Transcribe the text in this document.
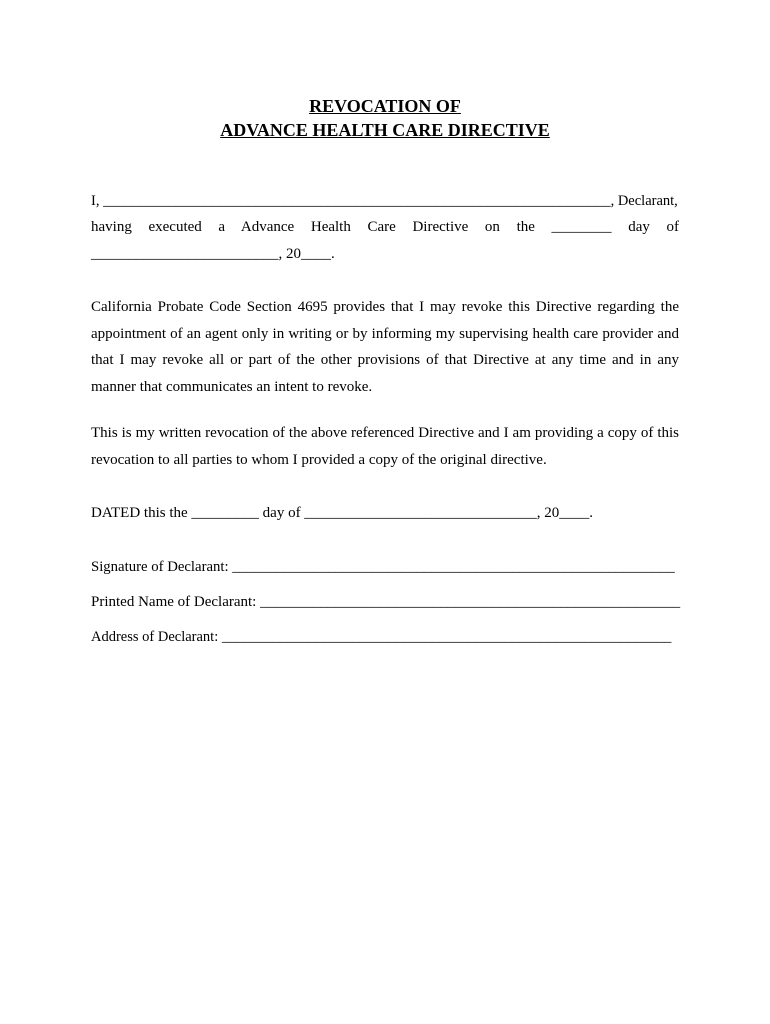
REVOCATION OF
ADVANCE HEALTH CARE DIRECTIVE
I, ______________________________________________________________________, Declarant,

having executed a Advance Health Care Directive on the ________ day of

_________________________, 20____.

California Probate Code Section 4695 provides that I may revoke this Directive regarding the appointment of an agent only in writing or by informing my supervising health care provider and that I may revoke all or part of the other provisions of that Directive at any time and in any manner that communicates an intent to revoke.

This is my written revocation of the above referenced Directive and I am providing a copy of this revocation to all parties to whom I provided a copy of the original directive.

DATED this the _________ day of _______________________________, 20____.
Signature of Declarant: ____________________________________________________________
Printed Name of Declarant: ________________________________________________________
Address of Declarant: ______________________________________________________________
